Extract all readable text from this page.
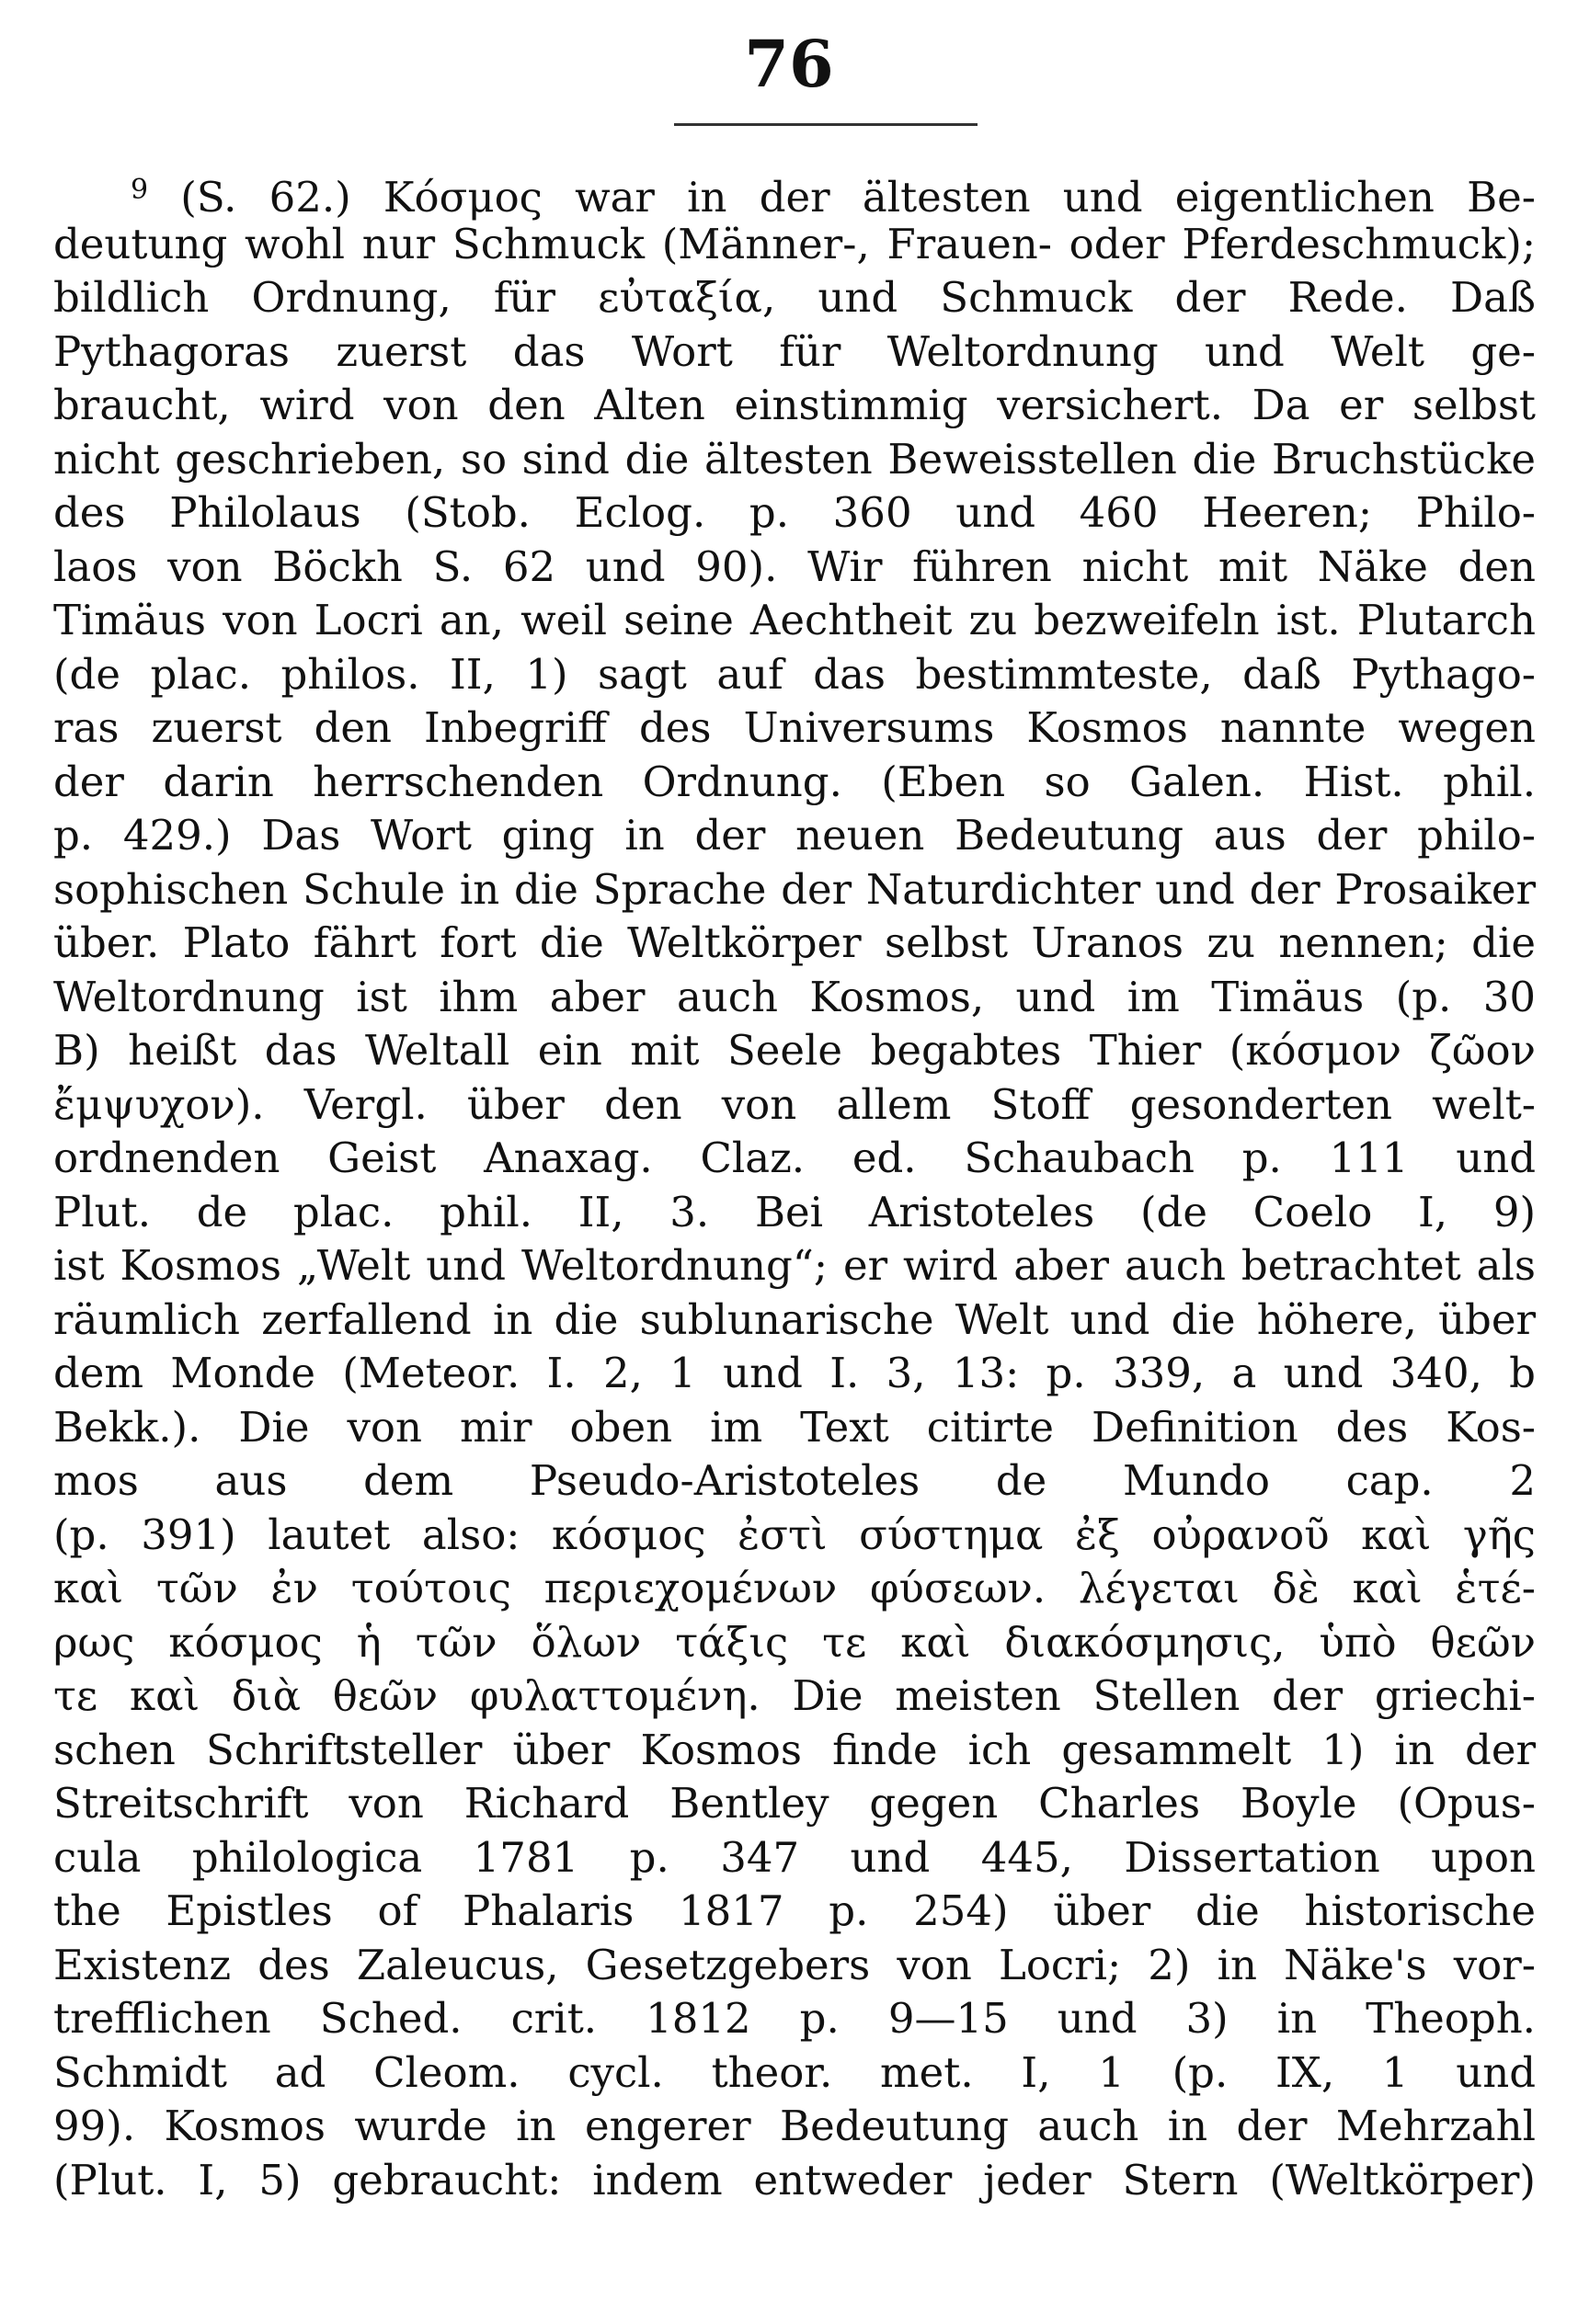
76
$^9$ (S. 62.) Κόσμος war in der ältesten und eigentlichen Be-
deutung wohl nur Schmuck (Männer-, Frauen- oder Pferdeschmuck);
bildlich Ordnung, für εὐταξία, und Schmuck der Rede. Daß
Pythagoras zuerst das Wort für Weltordnung und Welt ge-
braucht, wird von den Alten einstimmig versichert. Da er selbst
nicht geschrieben, so sind die ältesten Beweisstellen die Bruchstücke
des Philolaus (Stob. Eclog. p. 360 und 460 Heeren; Philo-
laos von Böckh S. 62 und 90). Wir führen nicht mit Näke den
Timäus von Locri an, weil seine Aechtheit zu bezweifeln ist. Plutarch
(de plac. philos. II, 1) sagt auf das bestimmteste, daß Pythago-
ras zuerst den Inbegriff des Universums Kosmos nannte wegen
der darin herrschenden Ordnung. (Eben so Galen. Hist. phil.
p. 429.) Das Wort ging in der neuen Bedeutung aus der philo-
sophischen Schule in die Sprache der Naturdichter und der Prosaiker
über. Plato fährt fort die Weltkörper selbst Uranos zu nennen; die
Weltordnung ist ihm aber auch Kosmos, und im Timäus (p. 30
B) heißt das Weltall ein mit Seele begabtes Thier (κόσμον ζῶον
ἔμψυχον). Vergl. über den von allem Stoff gesonderten welt-
ordnenden Geist Anaxag. Claz. ed. Schaubach p. 111 und
Plut. de plac. phil. II, 3. Bei Aristoteles (de Coelo I, 9)
ist Kosmos „Welt und Weltordnung“; er wird aber auch betrachtet als
räumlich zerfallend in die sublunarische Welt und die höhere, über
dem Monde (Meteor. I. 2, 1 und I. 3, 13: p. 339, a und 340, b
Bekk.). Die von mir oben im Text citirte Definition des Kos-
mos aus dem Pseudo-Aristoteles de Mundo cap. 2
(p. 391) lautet also: κόσμος ἐστὶ σύστημα ἐξ οὐρανοῦ καὶ γῆς
καὶ τῶν ἐν τούτοις περιεχομένων φύσεων. λέγεται δὲ καὶ ἑτέ-
ρως κόσμος ἡ τῶν ὅλων τάξις τε καὶ διακόσμησις, ὑπὸ θεῶν
τε καὶ διὰ θεῶν φυλαττομένη. Die meisten Stellen der griechi-
schen Schriftsteller über Kosmos finde ich gesammelt 1) in der
Streitschrift von Richard Bentley gegen Charles Boyle (Opus-
cula philologica 1781 p. 347 und 445, Dissertation upon
the Epistles of Phalaris 1817 p. 254) über die historische
Existenz des Zaleucus, Gesetzgebers von Locri; 2) in Näke's vor-
trefflichen Sched. crit. 1812 p. 9—15 und 3) in Theoph.
Schmidt ad Cleom. cycl. theor. met. I, 1 (p. IX, 1 und
99). Kosmos wurde in engerer Bedeutung auch in der Mehrzahl
(Plut. I, 5) gebraucht: indem entweder jeder Stern (Weltkörper)
